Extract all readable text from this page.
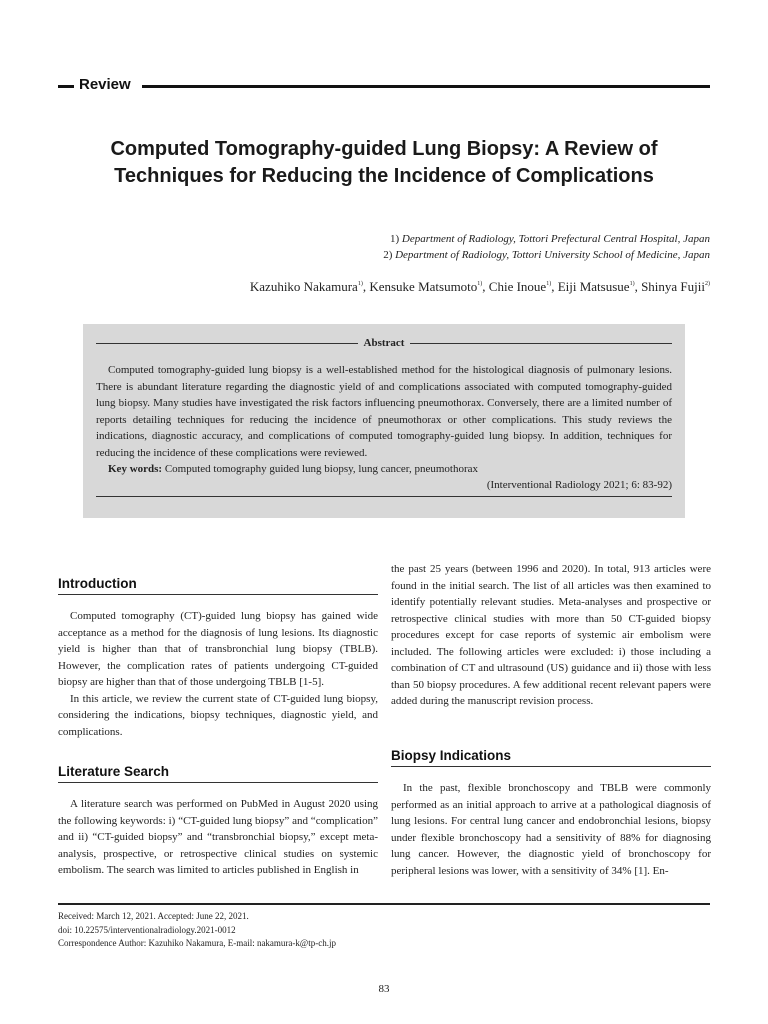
Review
Computed Tomography-guided Lung Biopsy: A Review of Techniques for Reducing the Incidence of Complications
1) Department of Radiology, Tottori Prefectural Central Hospital, Japan
2) Department of Radiology, Tottori University School of Medicine, Japan
Kazuhiko Nakamura$^{1)}$, Kensuke Matsumoto$^{1)}$, Chie Inoue$^{1)}$, Eiji Matsusue$^{1)}$, Shinya Fujii$^{2)}$
Abstract

Computed tomography-guided lung biopsy is a well-established method for the histological diagnosis of pulmonary lesions. There is abundant literature regarding the diagnostic yield of and complications associated with computed tomography-guided lung biopsy. Many studies have investigated the risk factors influencing pneumothorax. Conversely, there are a limited number of reports detailing techniques for reducing the incidence of pneumothorax or other complications. This study reviews the indications, diagnostic accuracy, and complications of computed tomography-guided lung biopsy. In addition, techniques for reducing the incidence of these complications were reviewed.

Key words: Computed tomography guided lung biopsy, lung cancer, pneumothorax
(Interventional Radiology 2021; 6: 83-92)
Introduction

Computed tomography (CT)-guided lung biopsy has gained wide acceptance as a method for the diagnosis of lung lesions. Its diagnostic yield is higher than that of transbronchial lung biopsy (TBLB). However, the complication rates of patients undergoing CT-guided biopsy are higher than that of those undergoing TBLB [1-5].

In this article, we review the current state of CT-guided lung biopsy, considering the indications, biopsy techniques, diagnostic yield, and complications.

Literature Search

A literature search was performed on PubMed in August 2020 using the following keywords: i) “CT-guided lung biopsy” and “complication” and ii) “CT-guided biopsy” and “transbronchial biopsy,” except meta-analysis, prospective, or retrospective clinical studies on systemic embolism. The search was limited to articles published in English in

the past 25 years (between 1996 and 2020). In total, 913 articles were found in the initial search. The list of all articles was then examined to identify potentially relevant studies. Meta-analyses and prospective or retrospective clinical studies with more than 50 CT-guided biopsy procedures except for case reports of systemic air embolism were included. The following articles were excluded: i) those including a combination of CT and ultrasound (US) guidance and ii) those with less than 50 biopsy procedures. A few additional recent relevant papers were added during the manuscript revision process.

Biopsy Indications

In the past, flexible bronchoscopy and TBLB were commonly performed as an initial approach to arrive at a pathological diagnosis of lung lesions. For central lung cancer and endobronchial lesions, biopsy under flexible bronchoscopy had a sensitivity of 88% for diagnosing lung cancer. However, the diagnostic yield of bronchoscopy for peripheral lesions was lower, with a sensitivity of 34% [1]. En-

Received: March 12, 2021. Accepted: June 22, 2021.
doi: 10.22575/interventionalradiology.2021-0012
Correspondence Author: Kazuhiko Nakamura, E-mail: nakamura-k@tp-ch.jp
83
